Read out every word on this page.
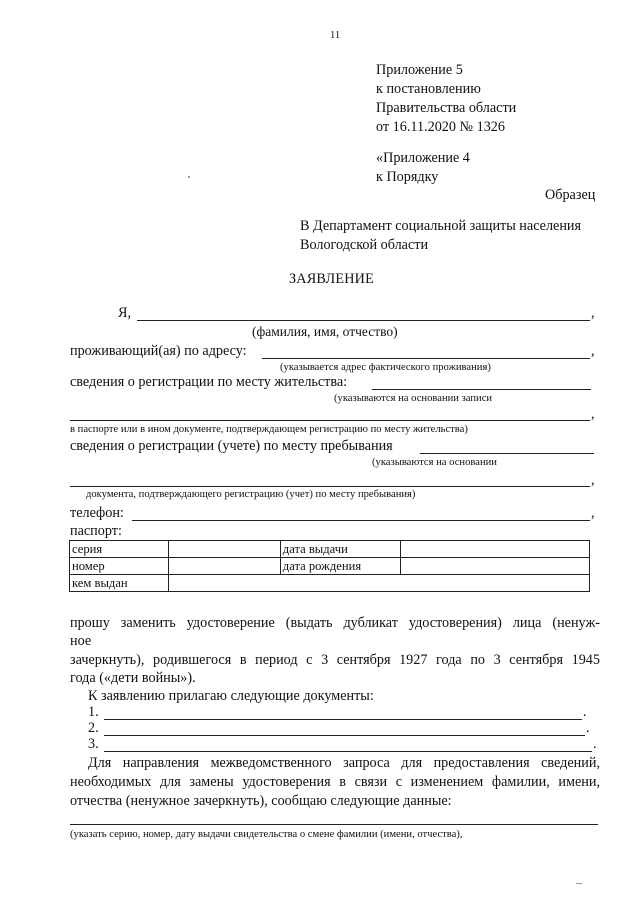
11
Приложение 5
к постановлению
Правительства области
от 16.11.2020 № 1326
«Приложение 4
к Порядку
Образец
В Департамент социальной защиты населения
Вологодской области
ЗАЯВЛЕНИЕ
Я,	,
(фамилия, имя, отчество)
проживающий(ая) по адресу:	,
(указывается адрес фактического проживания)
сведения о регистрации по месту жительства:
(указываются на основании записи
,
в паспорте или в ином документе, подтверждающем регистрацию по месту жительства)
сведения о регистрации (учете) по месту пребывания
(указываются на основании
,
документа, подтверждающего регистрацию (учет) по месту пребывания)
телефон:	,
паспорт:
серия		дата выдачи	
номер		дата рождения	
кем выдан			
прошу заменить удостоверение (выдать дубликат удостоверения) лица (ненуж-
ное
зачеркнуть), родившегося в период с 3 сентября 1927 года по 3 сентября 1945
года («дети войны»).
К заявлению прилагаю следующие документы:
1.	.
2.	.
3.	.
Для направления межведомственного запроса для предоставления сведений,
необходимых для замены удостоверения в связи с изменением фамилии, имени,
отчества (ненужное зачеркнуть), сообщаю следующие данные:
(указать серию, номер, дату выдачи свидетельства о смене фамилии (имени, отчества),
